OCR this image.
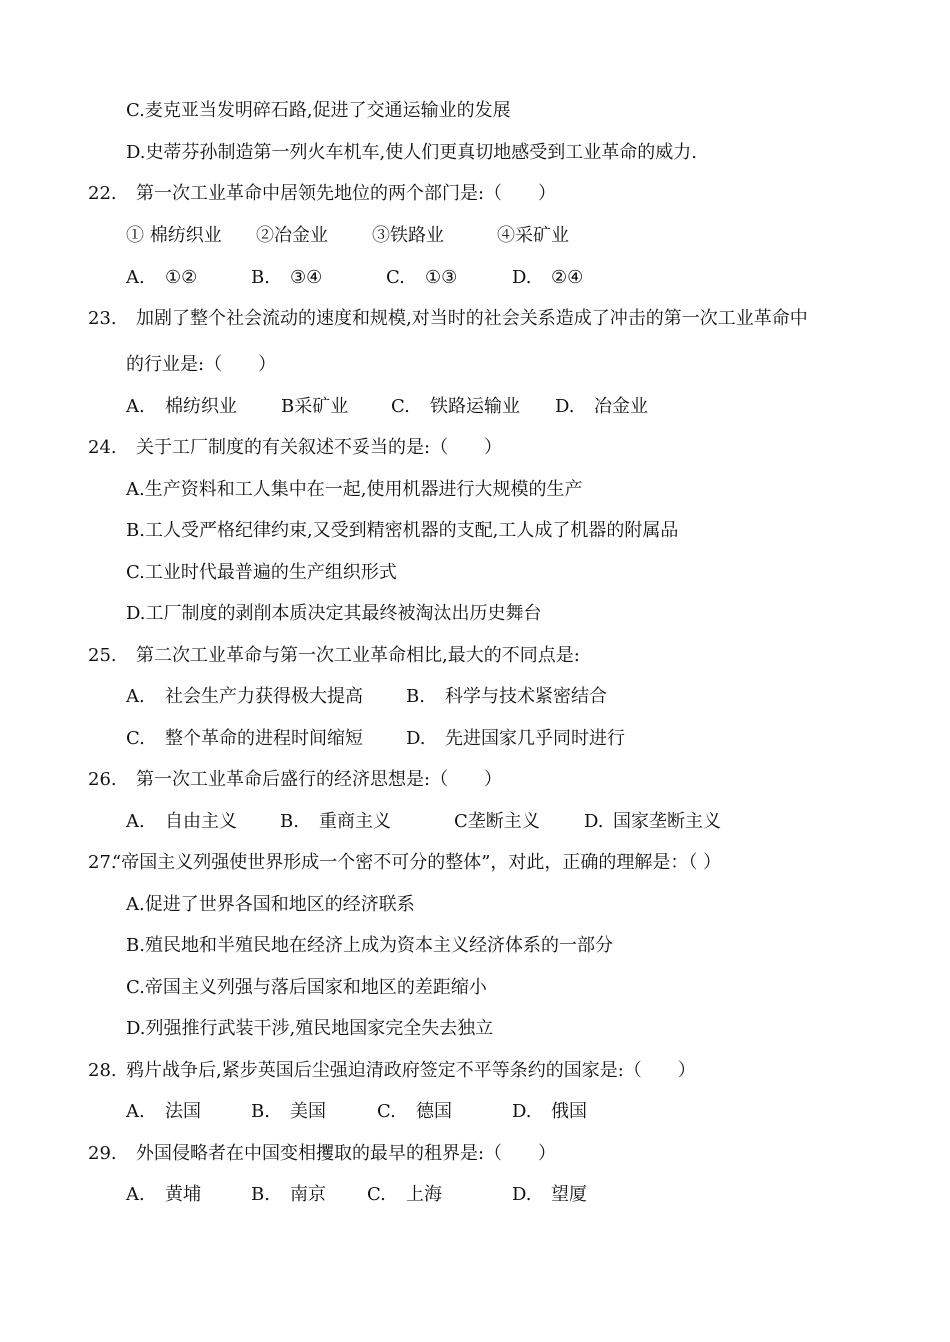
C.麦克亚当发明碎石路,促进了交通运输业的发展
D.史蒂芬孙制造第一列火车机车,使人们更真切地感受到工业革命的威力.
22. 第一次工业革命中居领先地位的两个部门是:（　　）
① 棉纺织业 ②冶金业 ③铁路业	④采矿业
A. ①②	B. ③④	C. ①③	D. ②④
23. 加剧了整个社会流动的速度和规模,对当时的社会关系造成了冲击的第一次工业革命中
的行业是:（　　）
A. 棉纺织业 B采矿业 C. 铁路运输业 D. 冶金业
24. 关于工厂制度的有关叙述不妥当的是:（　　）
A.生产资料和工人集中在一起,使用机器进行大规模的生产
B.工人受严格纪律约束,又受到精密机器的支配,工人成了机器的附属品
C.工业时代最普遍的生产组织形式
D.工厂制度的剥削本质决定其最终被淘汰出历史舞台
25. 第二次工业革命与第一次工业革命相比,最大的不同点是:
A. 社会生产力获得极大提高 B. 科学与技术紧密结合
C. 整个革命的进程时间缩短 D. 先进国家几乎同时进行
26. 第一次工业革命后盛行的经济思想是:（　　）
A. 自由主义 B. 重商主义	C垄断主义 D. 国家垄断主义
27.
“帝国主义列强使世界形成一个密不可分的整体”，对此，正确的理解是：（ ）
A.促进了世界各国和地区的经济联系
B.殖民地和半殖民地在经济上成为资本主义经济体系的一部分
C.帝国主义列强与落后国家和地区的差距缩小
D.列强推行武装干涉,殖民地国家完全失去独立
28. 鸦片战争后,紧步英国后尘强迫清政府签定不平等条约的国家是:（　　）
A. 法国	B. 美国	C. 德国	D. 俄国
29. 外国侵略者在中国变相攫取的最早的租界是:（　　）
A. 黄埔	B. 南京 C. 上海	D. 望厦
